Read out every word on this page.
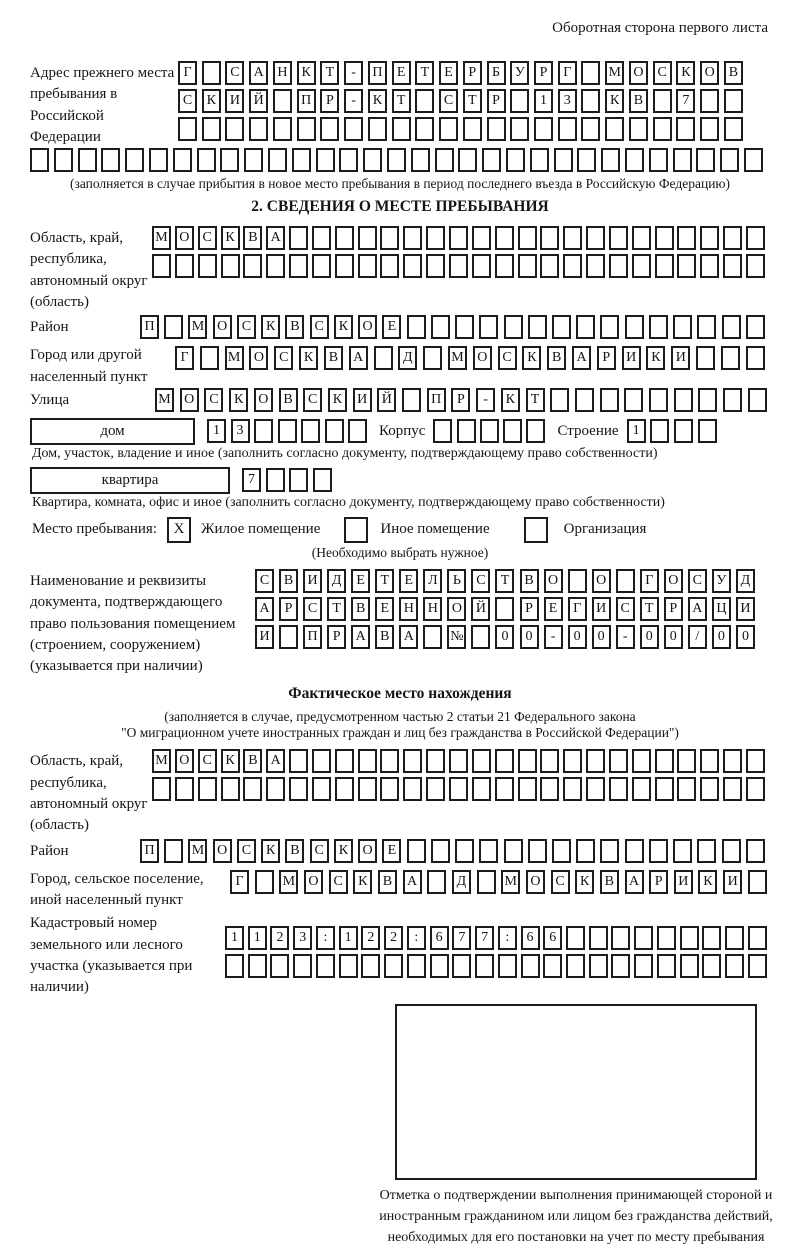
Оборотная сторона первого листа
Адрес прежнего места пребывания в Российской Федерации
Г	С	А Н	К	Т	-	П	Е	Т	Е	Р	Б	У	Р	Г	М О	С	К	О	В
С	К	И Й	П	Р	-	К	Т	С	Т	Р	1	3	К	В	7
(заполняется в случае прибытия в новое место пребывания в период последнего въезда в Российскую Федерацию)
2. СВЕДЕНИЯ О МЕСТЕ ПРЕБЫВАНИЯ
Область, край, республика, автономный округ (область)
М О С К В А
Район	П	М О	С	К	В	С	К	О	Е
Город или другой населенный пункт
Г	М О	С	К	В	А	Д	М О	С	К	В	А	Р	И	К	И
Улица	М О	С	К	О	В	С	К	И	Й	П	Р	-	К	Т
дом	1	3	Корпус	Строение	1
Дом, участок, владение и иное (заполнить согласно документу, подтверждающему право собственности)
квартира	7
Квартира, комната, офис и иное (заполнить согласно документу, подтверждающему право собственности)
Место пребывания:	X	Жилое помещение	Иное помещение	Организация
(Необходимо выбрать нужное)
Наименование и реквизиты документа, подтверждающего право пользования помещением (строением, сооружением) (указывается при наличии)
С	В	И	Д	Е	Т	Е	Л	Ь	С	Т	В	О	О	Г	О	С	У	Д
А	Р	С	Т	В	Е	Н Н О Й	Р	Е	Г	И	С	Т	Р	А Ц И
И	П	Р	А	В	А	№	0	0	-	0	0	-	0	0	/	0	0
Фактическое место нахождения
(заполняется в случае, предусмотренном частью 2 статьи 21 Федерального закона
"О миграционном учете иностранных граждан и лиц без гражданства в Российской Федерации")
Область, край, республика, автономный округ (область)
М О С К В А
Район	П	М О	С	К	В	С	К	О	Е
Город, сельское поселение, иной населенный пункт
Г	М О	С	К	В	А	Д	М О	С	К	В	А	Р	И	К	И
Кадастровый номер земельного или лесного участка (указывается при наличии)
1	1	2	3	:	1	2	2	:	6	7	7	:	6	6
Отметка о подтверждении выполнения принимающей стороной и иностранным гражданином или лицом без гражданства действий, необходимых для его постановки на учет по месту пребывания
